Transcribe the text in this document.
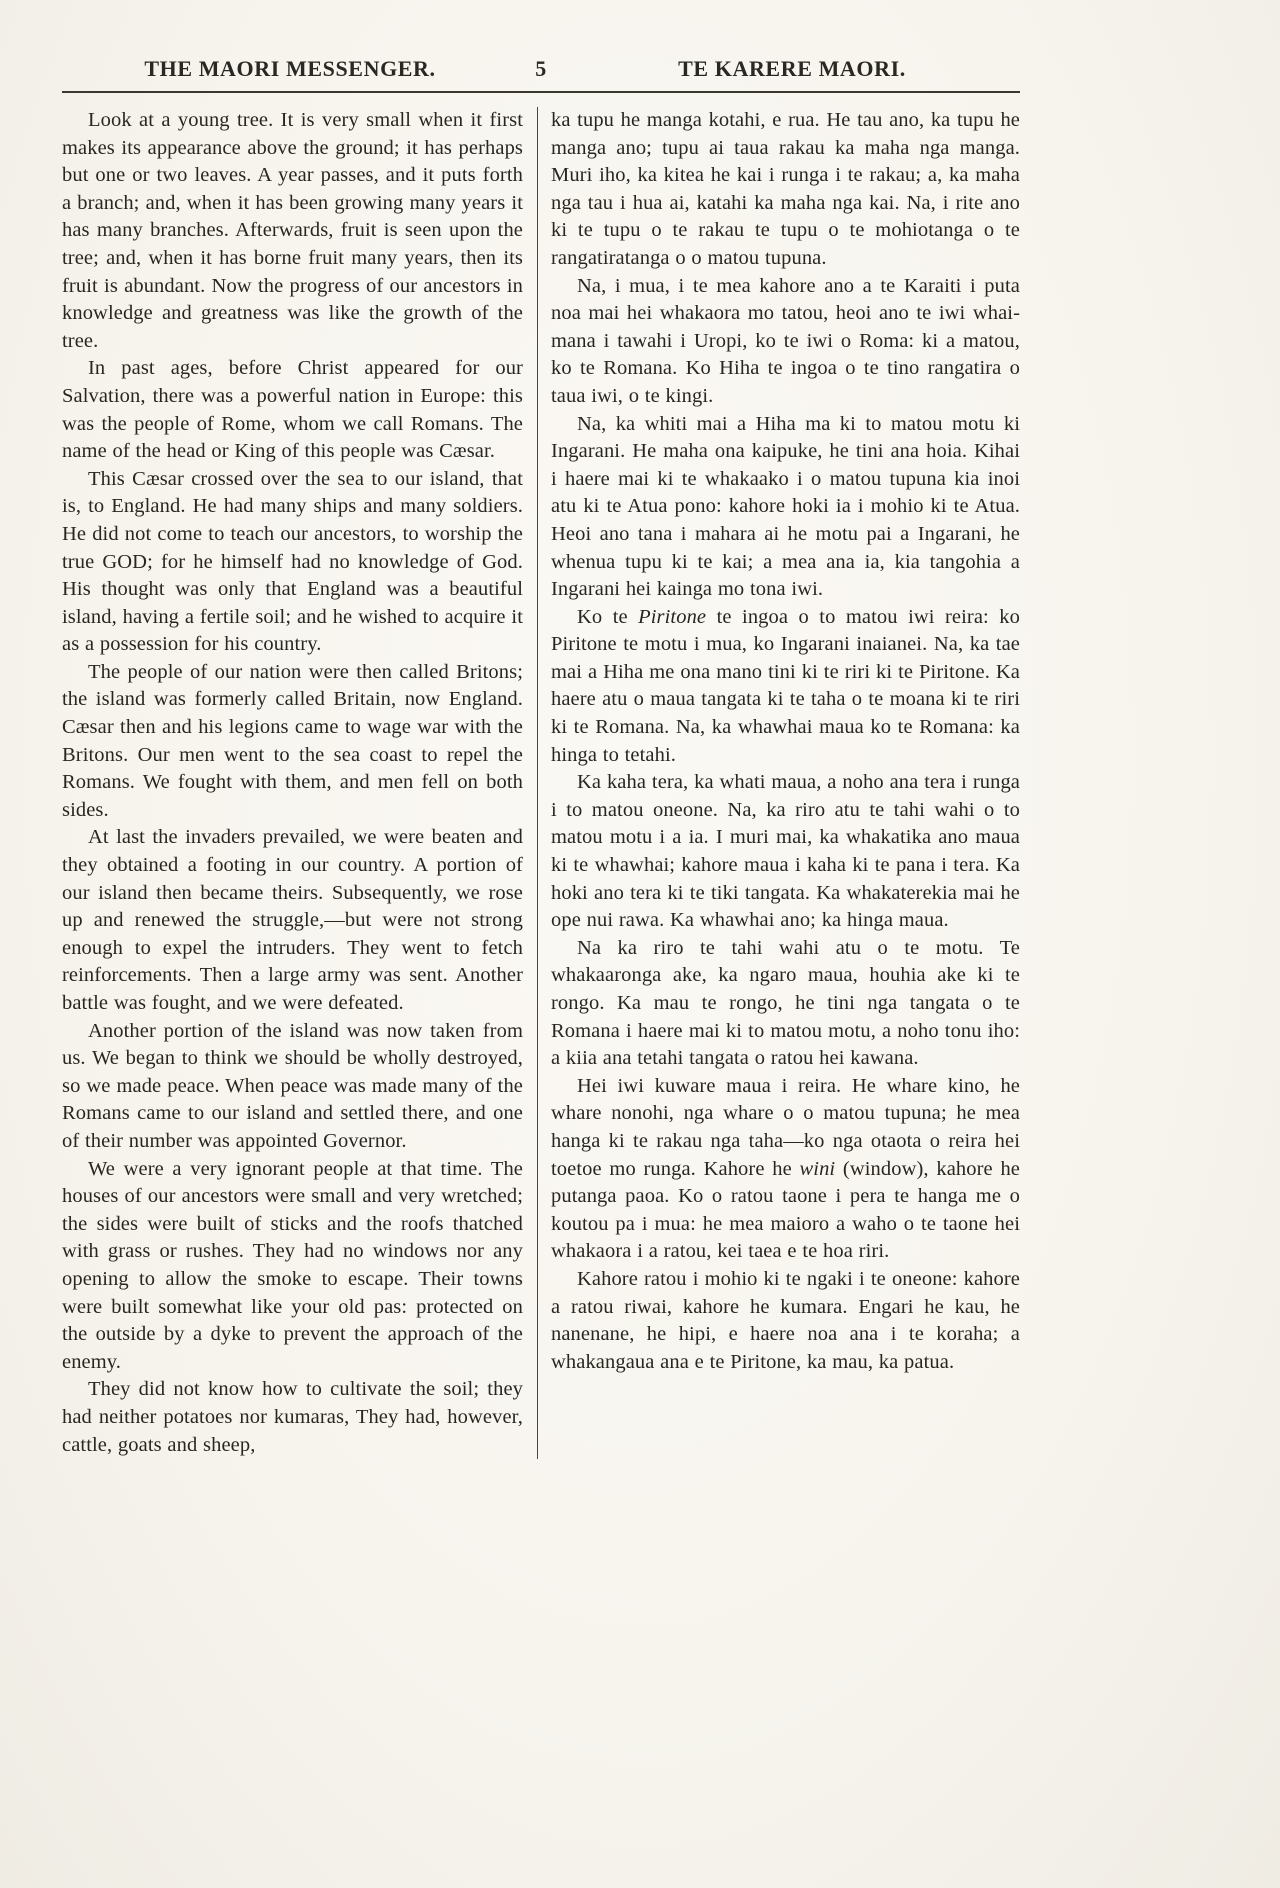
THE MAORI MESSENGER.	5	TE KARERE MAORI.

Look at a young tree. It is very small when it first makes its appearance above the ground; it has perhaps but one or two leaves. A year passes, and it puts forth a branch; and, when it has been growing many years it has many branches. Afterwards, fruit is seen upon the tree; and, when it has borne fruit many years, then its fruit is abundant. Now the progress of our ancestors in knowledge and greatness was like the growth of the tree.

In past ages, before Christ appeared for our Salvation, there was a powerful nation in Europe: this was the people of Rome, whom we call Romans. The name of the head or King of this people was Cæsar.

This Cæsar crossed over the sea to our island, that is, to England. He had many ships and many soldiers. He did not come to teach our ancestors, to worship the true GOD; for he himself had no knowledge of God. His thought was only that England was a beautiful island, having a fertile soil; and he wished to acquire it as a possession for his country.

The people of our nation were then called Britons; the island was formerly called Britain, now England. Cæsar then and his legions came to wage war with the Britons. Our men went to the sea coast to repel the Romans. We fought with them, and men fell on both sides.

At last the invaders prevailed, we were beaten and they obtained a footing in our country. A portion of our island then became theirs. Subsequently, we rose up and renewed the struggle,—but were not strong enough to expel the intruders. They went to fetch reinforcements. Then a large army was sent. Another battle was fought, and we were defeated.

Another portion of the island was now taken from us. We began to think we should be wholly destroyed, so we made peace. When peace was made many of the Romans came to our island and settled there, and one of their number was appointed Governor.

We were a very ignorant people at that time. The houses of our ancestors were small and very wretched; the sides were built of sticks and the roofs thatched with grass or rushes. They had no windows nor any opening to allow the smoke to escape. Their towns were built somewhat like your old pas: protected on the outside by a dyke to prevent the approach of the enemy.

They did not know how to cultivate the soil; they had neither potatoes nor kumaras, They had, however, cattle, goats and sheep,

ka tupu he manga kotahi, e rua. He tau ano, ka tupu he manga ano; tupu ai taua rakau ka maha nga manga. Muri iho, ka kitea he kai i runga i te rakau; a, ka maha nga tau i hua ai, katahi ka maha nga kai. Na, i rite ano ki te tupu o te rakau te tupu o te mohiotanga o te rangatiratanga o o matou tupuna.

Na, i mua, i te mea kahore ano a te Karaiti i puta noa mai hei whakaora mo tatou, heoi ano te iwi whai-mana i tawahi i Uropi, ko te iwi o Roma: ki a matou, ko te Romana. Ko Hiha te ingoa o te tino rangatira o taua iwi, o te kingi.

Na, ka whiti mai a Hiha ma ki to matou motu ki Ingarani. He maha ona kaipuke, he tini ana hoia. Kihai i haere mai ki te whakaako i o matou tupuna kia inoi atu ki te Atua pono: kahore hoki ia i mohio ki te Atua. Heoi ano tana i mahara ai he motu pai a Ingarani, he whenua tupu ki te kai; a mea ana ia, kia tangohia a Ingarani hei kainga mo tona iwi.

Ko te Piritone te ingoa o to matou iwi reira: ko Piritone te motu i mua, ko Ingarani inaianei. Na, ka tae mai a Hiha me ona mano tini ki te riri ki te Piritone. Ka haere atu o maua tangata ki te taha o te moana ki te riri ki te Romana. Na, ka whawhai maua ko te Romana: ka hinga to tetahi.

Ka kaha tera, ka whati maua, a noho ana tera i runga i to matou oneone. Na, ka riro atu te tahi wahi o to matou motu i a ia. I muri mai, ka whakatika ano maua ki te whawhai; kahore maua i kaha ki te pana i tera. Ka hoki ano tera ki te tiki tangata. Ka whakaterekia mai he ope nui rawa. Ka whawhai ano; ka hinga maua.

Na ka riro te tahi wahi atu o te motu. Te whakaaronga ake, ka ngaro maua, houhia ake ki te rongo. Ka mau te rongo, he tini nga tangata o te Romana i haere mai ki to matou motu, a noho tonu iho: a kiia ana tetahi tangata o ratou hei kawana.

Hei iwi kuware maua i reira. He whare kino, he whare nonohi, nga whare o o matou tupuna; he mea hanga ki te rakau nga taha—ko nga otaota o reira hei toetoe mo runga. Kahore he wini (window), kahore he putanga paoa. Ko o ratou taone i pera te hanga me o koutou pa i mua: he mea maioro a waho o te taone hei whakaora i a ratou, kei taea e te hoa riri.

Kahore ratou i mohio ki te ngaki i te oneone: kahore a ratou riwai, kahore he kumara. Engari he kau, he nanenane, he hipi, e haere noa ana i te koraha; a whakangaua ana e te Piritone, ka mau, ka patua.
